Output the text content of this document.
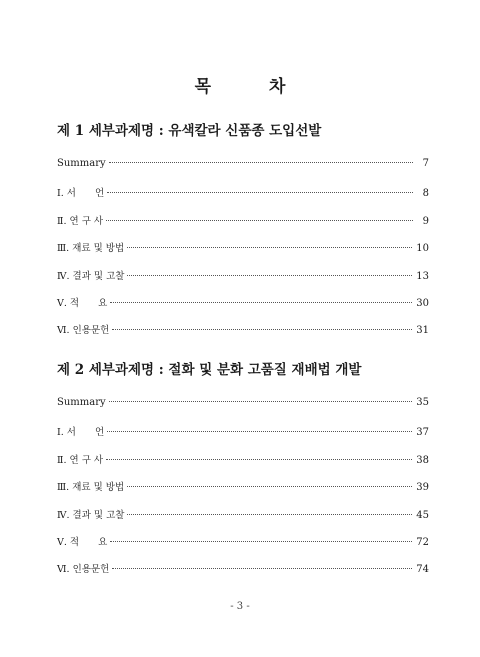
목	차
제 1 세부과제명 : 유색칼라 신품종 도입선발
Summary	7
Ⅰ. 서　　언	8
Ⅱ. 연 구 사	9
Ⅲ. 재료 및 방법	10
Ⅳ. 결과 및 고찰	13
Ⅴ. 적　　요	30
Ⅵ. 인용문헌	31
제 2 세부과제명 : 절화 및 분화 고품질 재배법 개발
Summary	35
Ⅰ. 서　　언	37
Ⅱ. 연 구 사	38
Ⅲ. 재료 및 방법	39
Ⅳ. 결과 및 고찰	45
Ⅴ. 적　　요	72
Ⅵ. 인용문헌	74
- 3 -
